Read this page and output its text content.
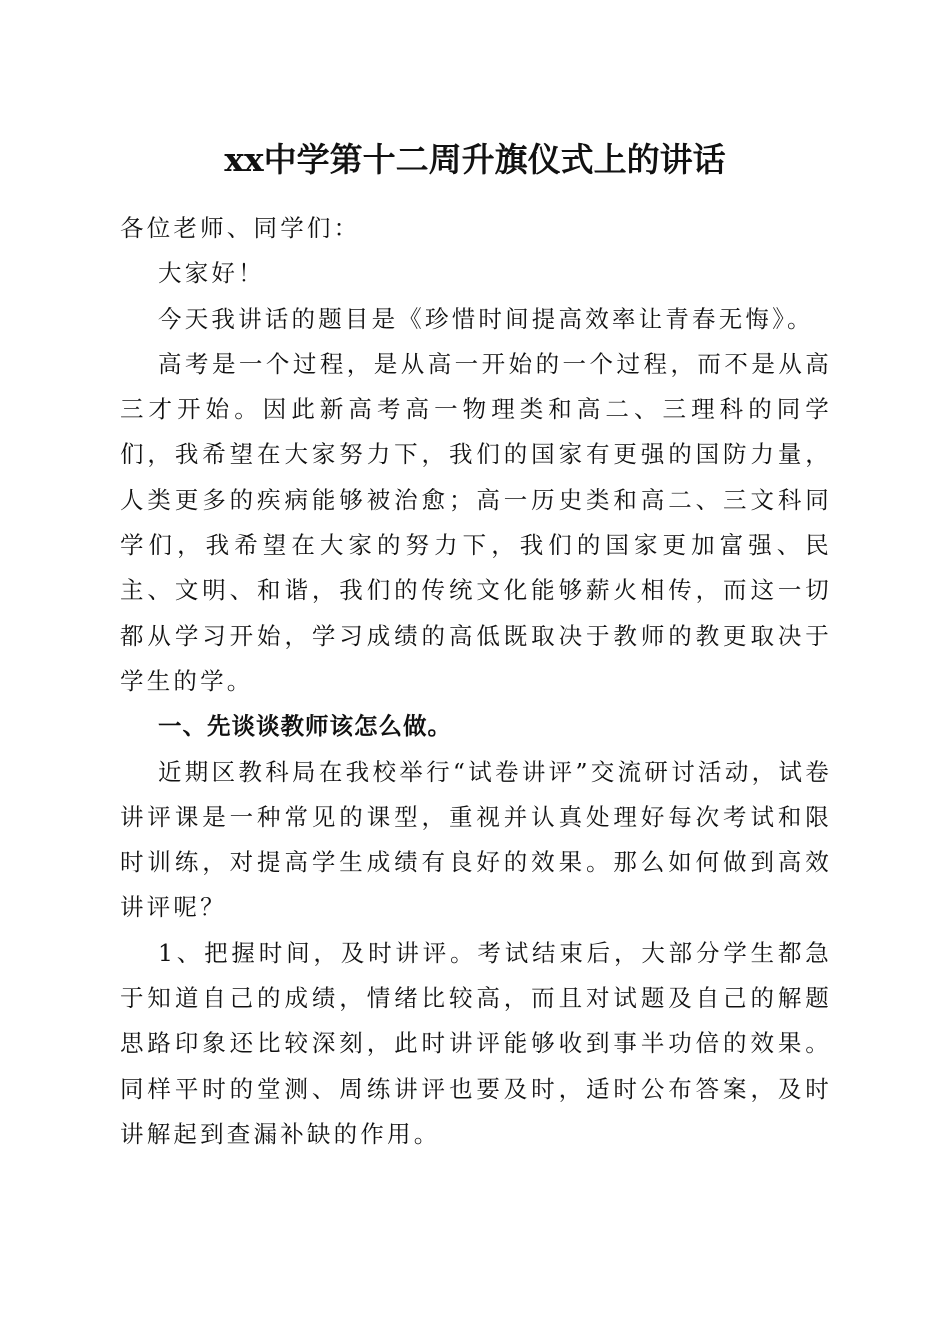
xx中学第十二周升旗仪式上的讲话

各位老师、同学们：

大家好！

今天我讲话的题目是《珍惜时间提高效率让青春无悔》。

高考是一个过程，是从高一开始的一个过程，而不是从高三才开始。因此新高考高一物理类和高二、三理科的同学们，我希望在大家努力下，我们的国家有更强的国防力量，人类更多的疾病能够被治愈；高一历史类和高二、三文科同学们，我希望在大家的努力下，我们的国家更加富强、民主、文明、和谐，我们的传统文化能够薪火相传，而这一切都从学习开始，学习成绩的高低既取决于教师的教更取决于学生的学。

一、先谈谈教师该怎么做。

近期区教科局在我校举行“试卷讲评”交流研讨活动，试卷讲评课是一种常见的课型，重视并认真处理好每次考试和限时训练，对提高学生成绩有良好的效果。那么如何做到高效讲评呢？

1、把握时间，及时讲评。考试结束后，大部分学生都急于知道自己的成绩，情绪比较高，而且对试题及自己的解题思路印象还比较深刻，此时讲评能够收到事半功倍的效果。同样平时的堂测、周练讲评也要及时，适时公布答案，及时讲解起到查漏补缺的作用。
